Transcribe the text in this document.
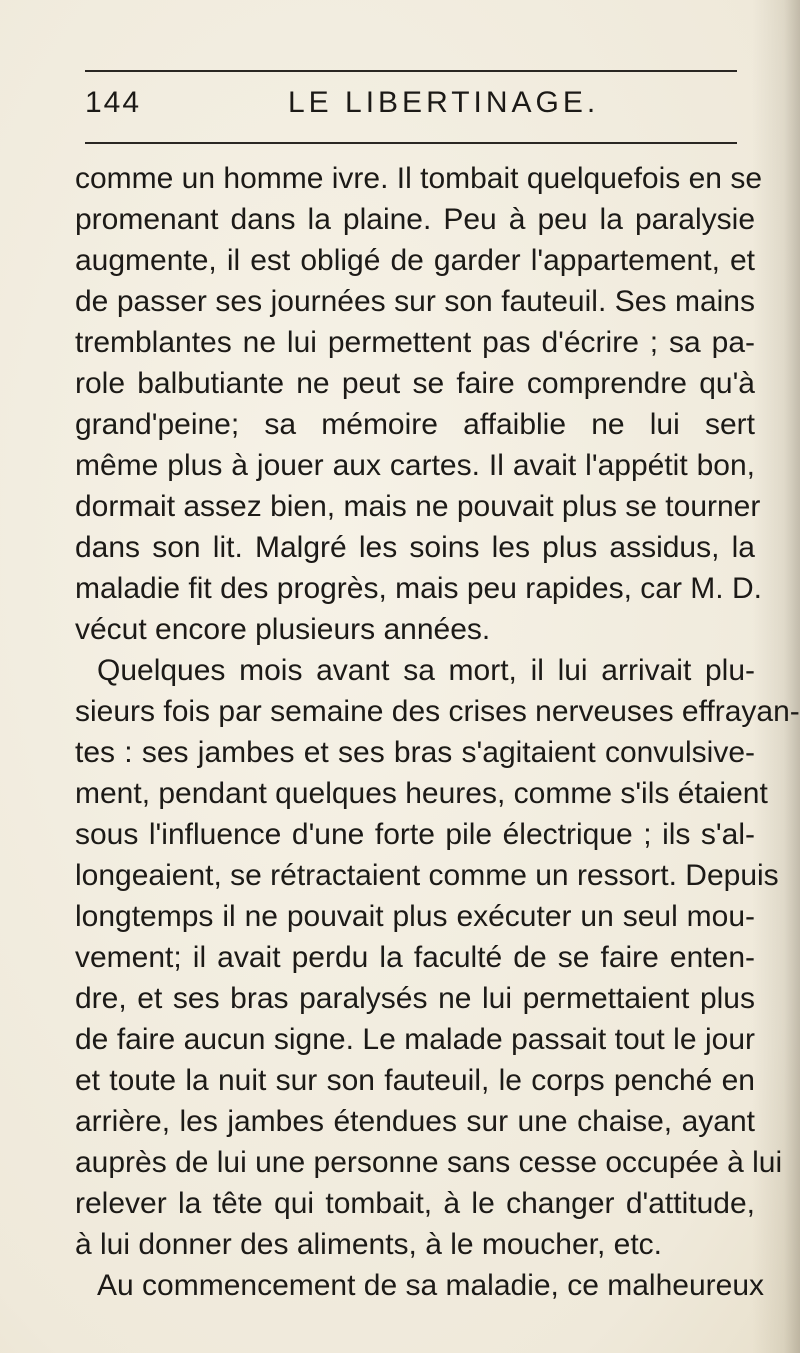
144	LE LIBERTINAGE.
comme un homme ivre. Il tombait quelquefois en se
promenant dans la plaine. Peu à peu la paralysie
augmente, il est obligé de garder l'appartement, et
de passer ses journées sur son fauteuil. Ses mains
tremblantes ne lui permettent pas d'écrire ; sa pa-
role balbutiante ne peut se faire comprendre qu'à
grand'peine; sa mémoire affaiblie ne lui sert
même plus à jouer aux cartes. Il avait l'appétit bon,
dormait assez bien, mais ne pouvait plus se tourner
dans son lit. Malgré les soins les plus assidus, la
maladie fit des progrès, mais peu rapides, car M. D.
vécut encore plusieurs années.
Quelques mois avant sa mort, il lui arrivait plu-
sieurs fois par semaine des crises nerveuses effrayan-
tes : ses jambes et ses bras s'agitaient convulsive-
ment, pendant quelques heures, comme s'ils étaient
sous l'influence d'une forte pile électrique ; ils s'al-
longeaient, se rétractaient comme un ressort. Depuis
longtemps il ne pouvait plus exécuter un seul mou-
vement; il avait perdu la faculté de se faire enten-
dre, et ses bras paralysés ne lui permettaient plus
de faire aucun signe. Le malade passait tout le jour
et toute la nuit sur son fauteuil, le corps penché en
arrière, les jambes étendues sur une chaise, ayant
auprès de lui une personne sans cesse occupée à lui
relever la tête qui tombait, à le changer d'attitude,
à lui donner des aliments, à le moucher, etc.
Au commencement de sa maladie, ce malheureux
